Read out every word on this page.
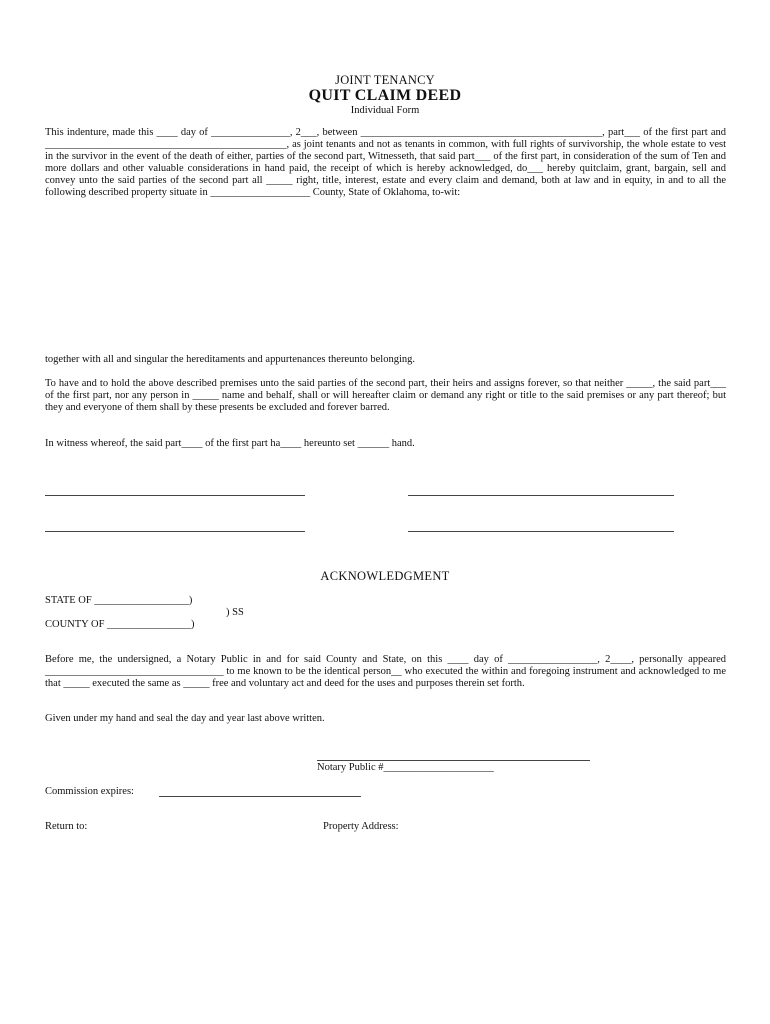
JOINT TENANCY
QUIT CLAIM DEED
Individual Form
This indenture, made this ____ day of _______________, 2___, between ______________________________________________, part___ of the first part and ______________________________________________, as joint tenants and not as tenants in common, with full rights of survivorship, the whole estate to vest in the survivor in the event of the death of either, parties of the second part, Witnesseth, that said part___ of the first part, in consideration of the sum of Ten and more dollars and other valuable considerations in hand paid, the receipt of which is hereby acknowledged, do___ hereby quitclaim, grant, bargain, sell and convey unto the said parties of the second part all _____ right, title, interest, estate and every claim and demand, both at law and in equity, in and to all the following described property situate in ___________________ County, State of Oklahoma, to-wit:
together with all and singular the hereditaments and appurtenances thereunto belonging.
To have and to hold the above described premises unto the said parties of the second part, their heirs and assigns forever, so that neither _____, the said part___ of the first part, nor any person in _____ name and behalf, shall or will hereafter claim or demand any right or title to the said premises or any part thereof; but they and everyone of them shall by these presents be excluded and forever barred.
In witness whereof, the said part____ of the first part ha____ hereunto set ______ hand.
ACKNOWLEDGMENT
STATE OF __________________)
) SS
COUNTY OF ________________)
Before me, the undersigned, a Notary Public in and for said County and State, on this ____ day of _________________, 2____, personally appeared __________________________________ to me known to be the identical person__ who executed the within and foregoing instrument and acknowledged to me that _____ executed the same as _____ free and voluntary act and deed for the uses and purposes therein set forth.
Given under my hand and seal the day and year last above written.
Notary Public #_____________________
Commission expires:
Return to:	Property Address:
